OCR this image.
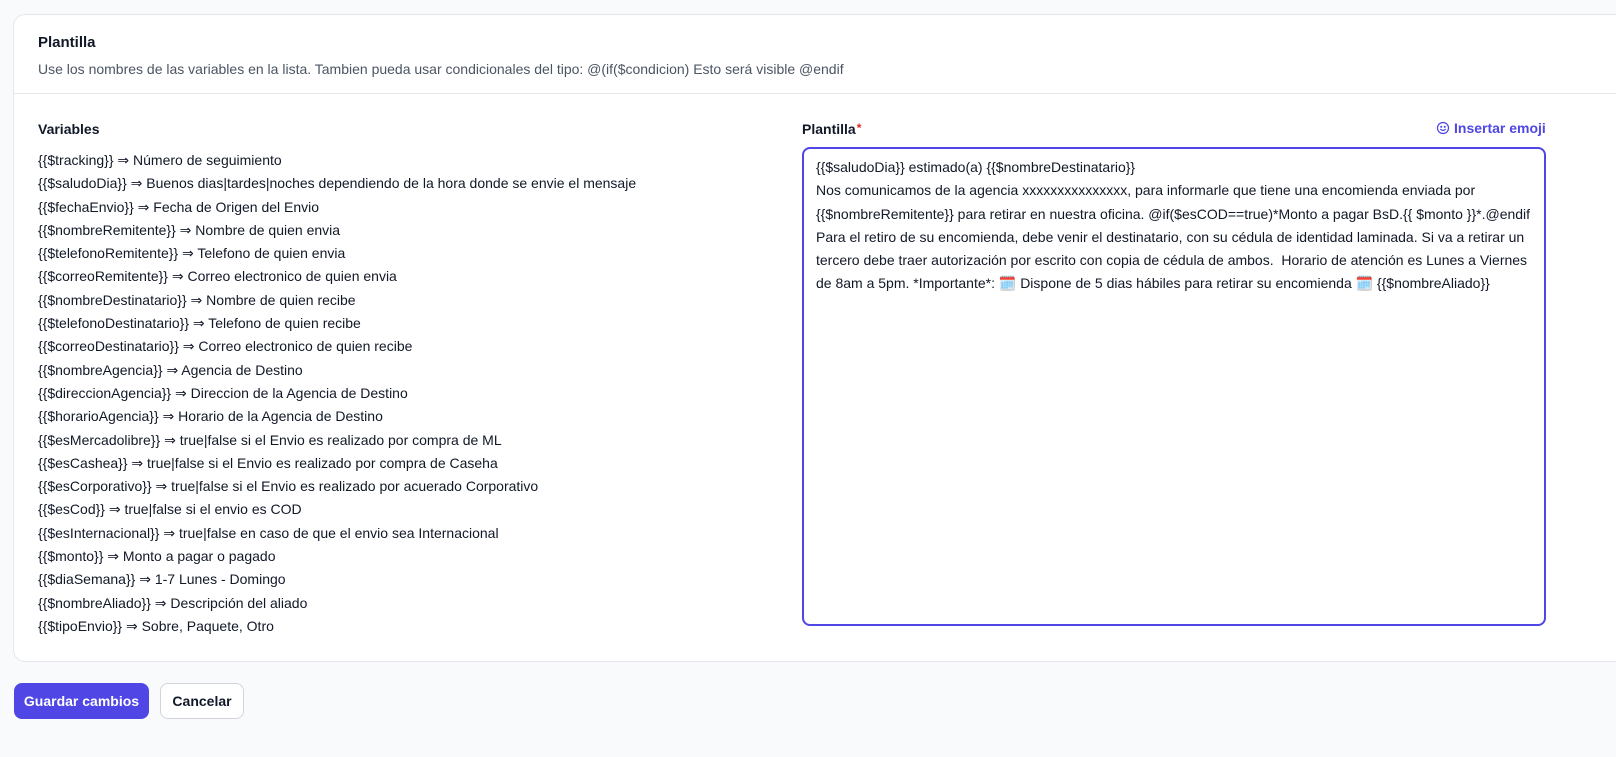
Plantilla
Use los nombres de las variables en la lista. Tambien pueda usar condicionales del tipo: @(if($condicion) Esto será visible @endif
Variables
{{$tracking}} ⇒ Número de seguimiento
{{$saludoDia}} ⇒ Buenos dias|tardes|noches dependiendo de la hora donde se envie el mensaje
{{$fechaEnvio}} ⇒ Fecha de Origen del Envio
{{$nombreRemitente}} ⇒ Nombre de quien envia
{{$telefonoRemitente}} ⇒ Telefono de quien envia
{{$correoRemitente}} ⇒ Correo electronico de quien envia
{{$nombreDestinatario}} ⇒ Nombre de quien recibe
{{$telefonoDestinatario}} ⇒ Telefono de quien recibe
{{$correoDestinatario}} ⇒ Correo electronico de quien recibe
{{$nombreAgencia}} ⇒ Agencia de Destino
{{$direccionAgencia}} ⇒ Direccion de la Agencia de Destino
{{$horarioAgencia}} ⇒ Horario de la Agencia de Destino
{{$esMercadolibre}} ⇒ true|false si el Envio es realizado por compra de ML
{{$esCashea}} ⇒ true|false si el Envio es realizado por compra de Caseha
{{$esCorporativo}} ⇒ true|false si el Envio es realizado por acuerado Corporativo
{{$esCod}} ⇒ true|false si el envio es COD
{{$esInternacional}} ⇒ true|false en caso de que el envio sea Internacional
{{$monto}} ⇒ Monto a pagar o pagado
{{$diaSemana}} ⇒ 1-7 Lunes - Domingo
{{$nombreAliado}} ⇒ Descripción del aliado
{{$tipoEnvio}} ⇒ Sobre, Paquete, Otro
Plantilla*	Insertar emoji
{{$saludoDia}} estimado(a) {{$nombreDestinatario}}
Nos comunicamos de la agencia xxxxxxxxxxxxxxx, para informarle que tiene una encomienda enviada por {{$nombreRemitente}} para retirar en nuestra oficina. @if($esCOD==true)*Monto a pagar BsD.{{ $monto }}*.@endif  Para el retiro de su encomienda, debe venir el destinatario, con su cédula de identidad laminada. Si va a retirar un tercero debe traer autorización por escrito con copia de cédula de ambos.  Horario de atención es Lunes a Viernes  de 8am a 5pm. *Importante*: 🗓️ Dispone de 5 dias hábiles para retirar su encomienda 🗓️ {{$nombreAliado}}
Guardar cambios	Cancelar
